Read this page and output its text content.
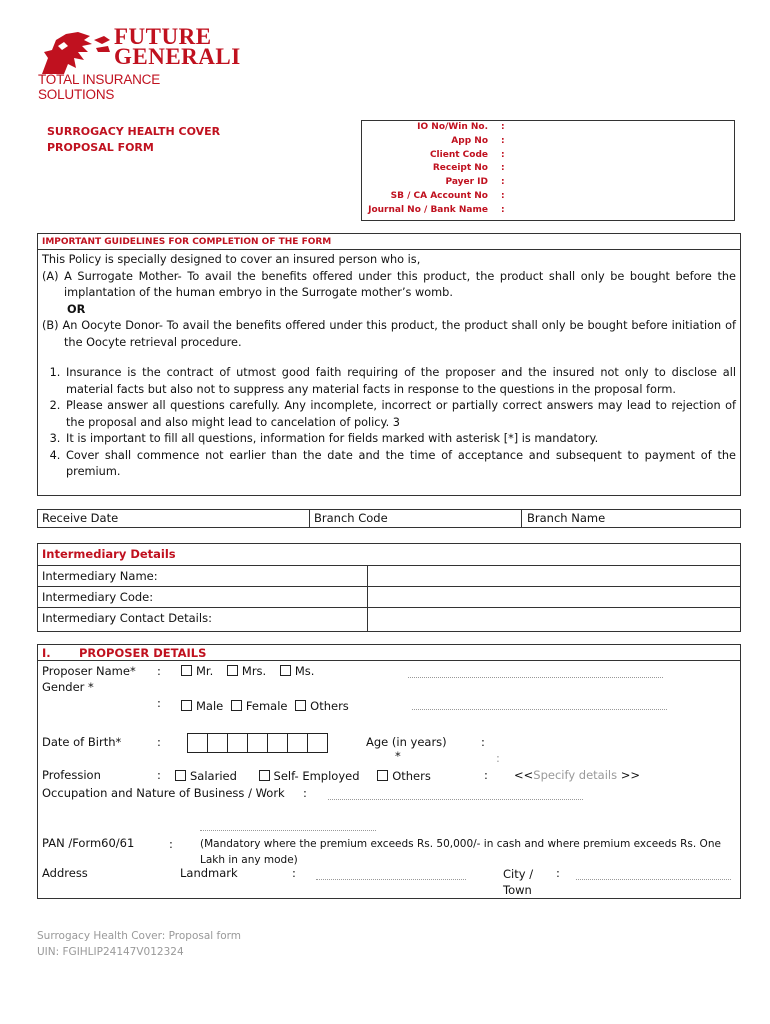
FUTURE
GENERALI
TOTAL INSURANCE SOLUTIONS
SURROGACY HEALTH COVER
PROPOSAL FORM
IO No/Win No. :
App No :
Client Code :
Receipt No :
Payer ID :
SB / CA Account No :
Journal No / Bank Name :
IMPORTANT GUIDELINES FOR COMPLETION OF THE FORM
This Policy is specially designed to cover an insured person who is,
(A) A Surrogate Mother- To avail the benefits offered under this product, the product shall only be bought before the implantation of the human embryo in the Surrogate mother’s womb.
OR
(B) An Oocyte Donor- To avail the benefits offered under this product, the product shall only be bought before initiation of the Oocyte retrieval procedure.
1. Insurance is the contract of utmost good faith requiring of the proposer and the insured not only to disclose all material facts but also not to suppress any material facts in response to the questions in the proposal form.
2. Please answer all questions carefully. Any incomplete, incorrect or partially correct answers may lead to rejection of the proposal and also might lead to cancelation of policy. 3
3. It is important to fill all questions, information for fields marked with asterisk [*] is mandatory.
4. Cover shall commence not earlier than the date and the time of acceptance and subsequent to payment of the premium.
Receive Date	Branch Code	Branch Name
Intermediary Details
Intermediary Name:
Intermediary Code:
Intermediary Contact Details:
I. PROPOSER DETAILS
Proposer Name* :	Mr. Mrs. Ms.
Gender *
:	Male Female Others
Date of Birth*	:	Age (in years)
*
:
:
Profession	:	Salaried	Self- Employed	Others	: <<Specify details >>
Occupation and Nature of Business / Work :
PAN /Form60/61	:	(Mandatory where the premium exceeds Rs. 50,000/- in cash and where premium exceeds Rs. One Lakh in any mode)
Address	Landmark	:	City / Town
:
Surrogacy Health Cover: Proposal form
UIN: FGIHLIP24147V012324
